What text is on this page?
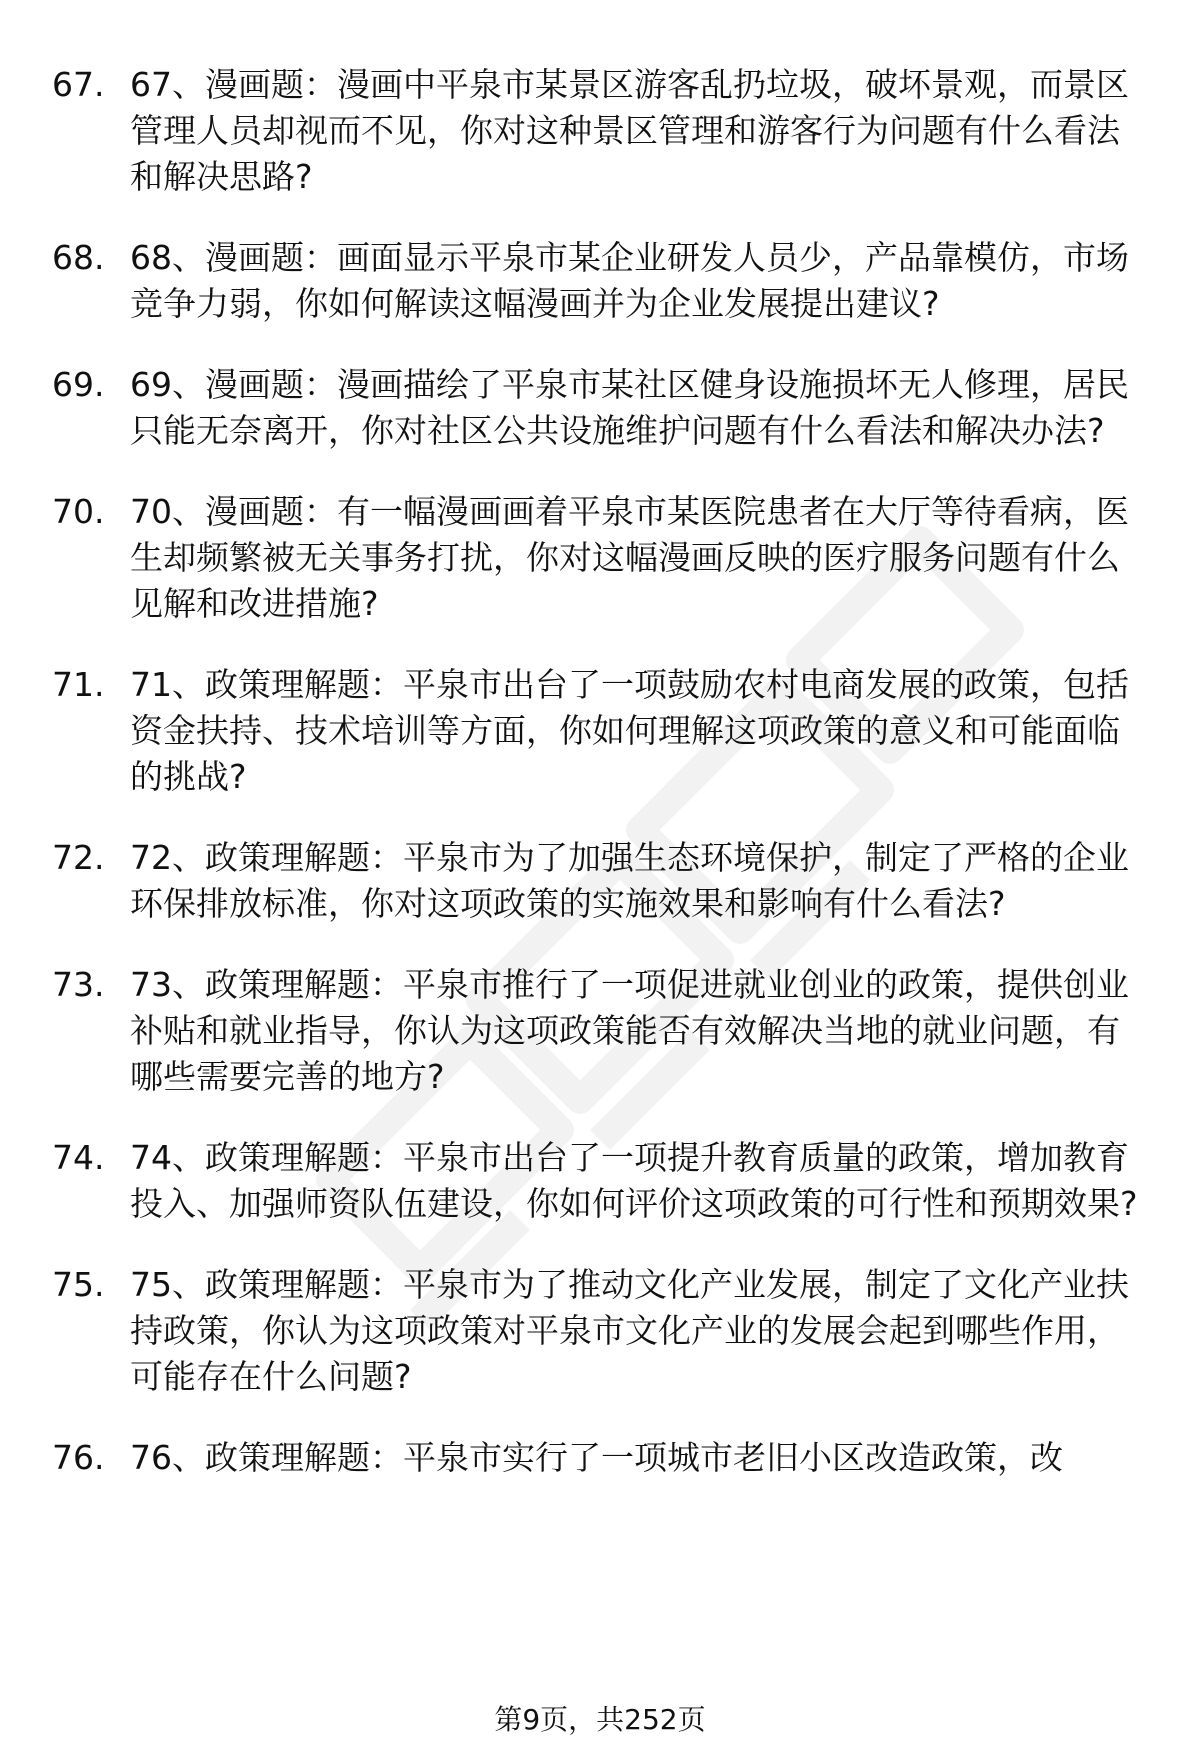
67. 67、漫画题：漫画中平泉市某景区游客乱扔垃圾，破坏景观，而景区管理人员却视而不见，你对这种景区管理和游客行为问题有什么看法和解决思路?
68. 68、漫画题：画面显示平泉市某企业研发人员少，产品靠模仿，市场竞争力弱，你如何解读这幅漫画并为企业发展提出建议?
69. 69、漫画题：漫画描绘了平泉市某社区健身设施损坏无人修理，居民只能无奈离开，你对社区公共设施维护问题有什么看法和解决办法?
70. 70、漫画题：有一幅漫画画着平泉市某医院患者在大厅等待看病，医生却频繁被无关事务打扰，你对这幅漫画反映的医疗服务问题有什么见解和改进措施?
71. 71、政策理解题：平泉市出台了一项鼓励农村电商发展的政策，包括资金扶持、技术培训等方面，你如何理解这项政策的意义和可能面临的挑战?
72. 72、政策理解题：平泉市为了加强生态环境保护，制定了严格的企业环保排放标准，你对这项政策的实施效果和影响有什么看法?
73. 73、政策理解题：平泉市推行了一项促进就业创业的政策，提供创业补贴和就业指导，你认为这项政策能否有效解决当地的就业问题，有哪些需要完善的地方?
74. 74、政策理解题：平泉市出台了一项提升教育质量的政策，增加教育投入、加强师资队伍建设，你如何评价这项政策的可行性和预期效果?
75. 75、政策理解题：平泉市为了推动文化产业发展，制定了文化产业扶持政策，你认为这项政策对平泉市文化产业的发展会起到哪些作用，可能存在什么问题?
76. 76、政策理解题：平泉市实行了一项城市老旧小区改造政策，改
第9页，共252页
